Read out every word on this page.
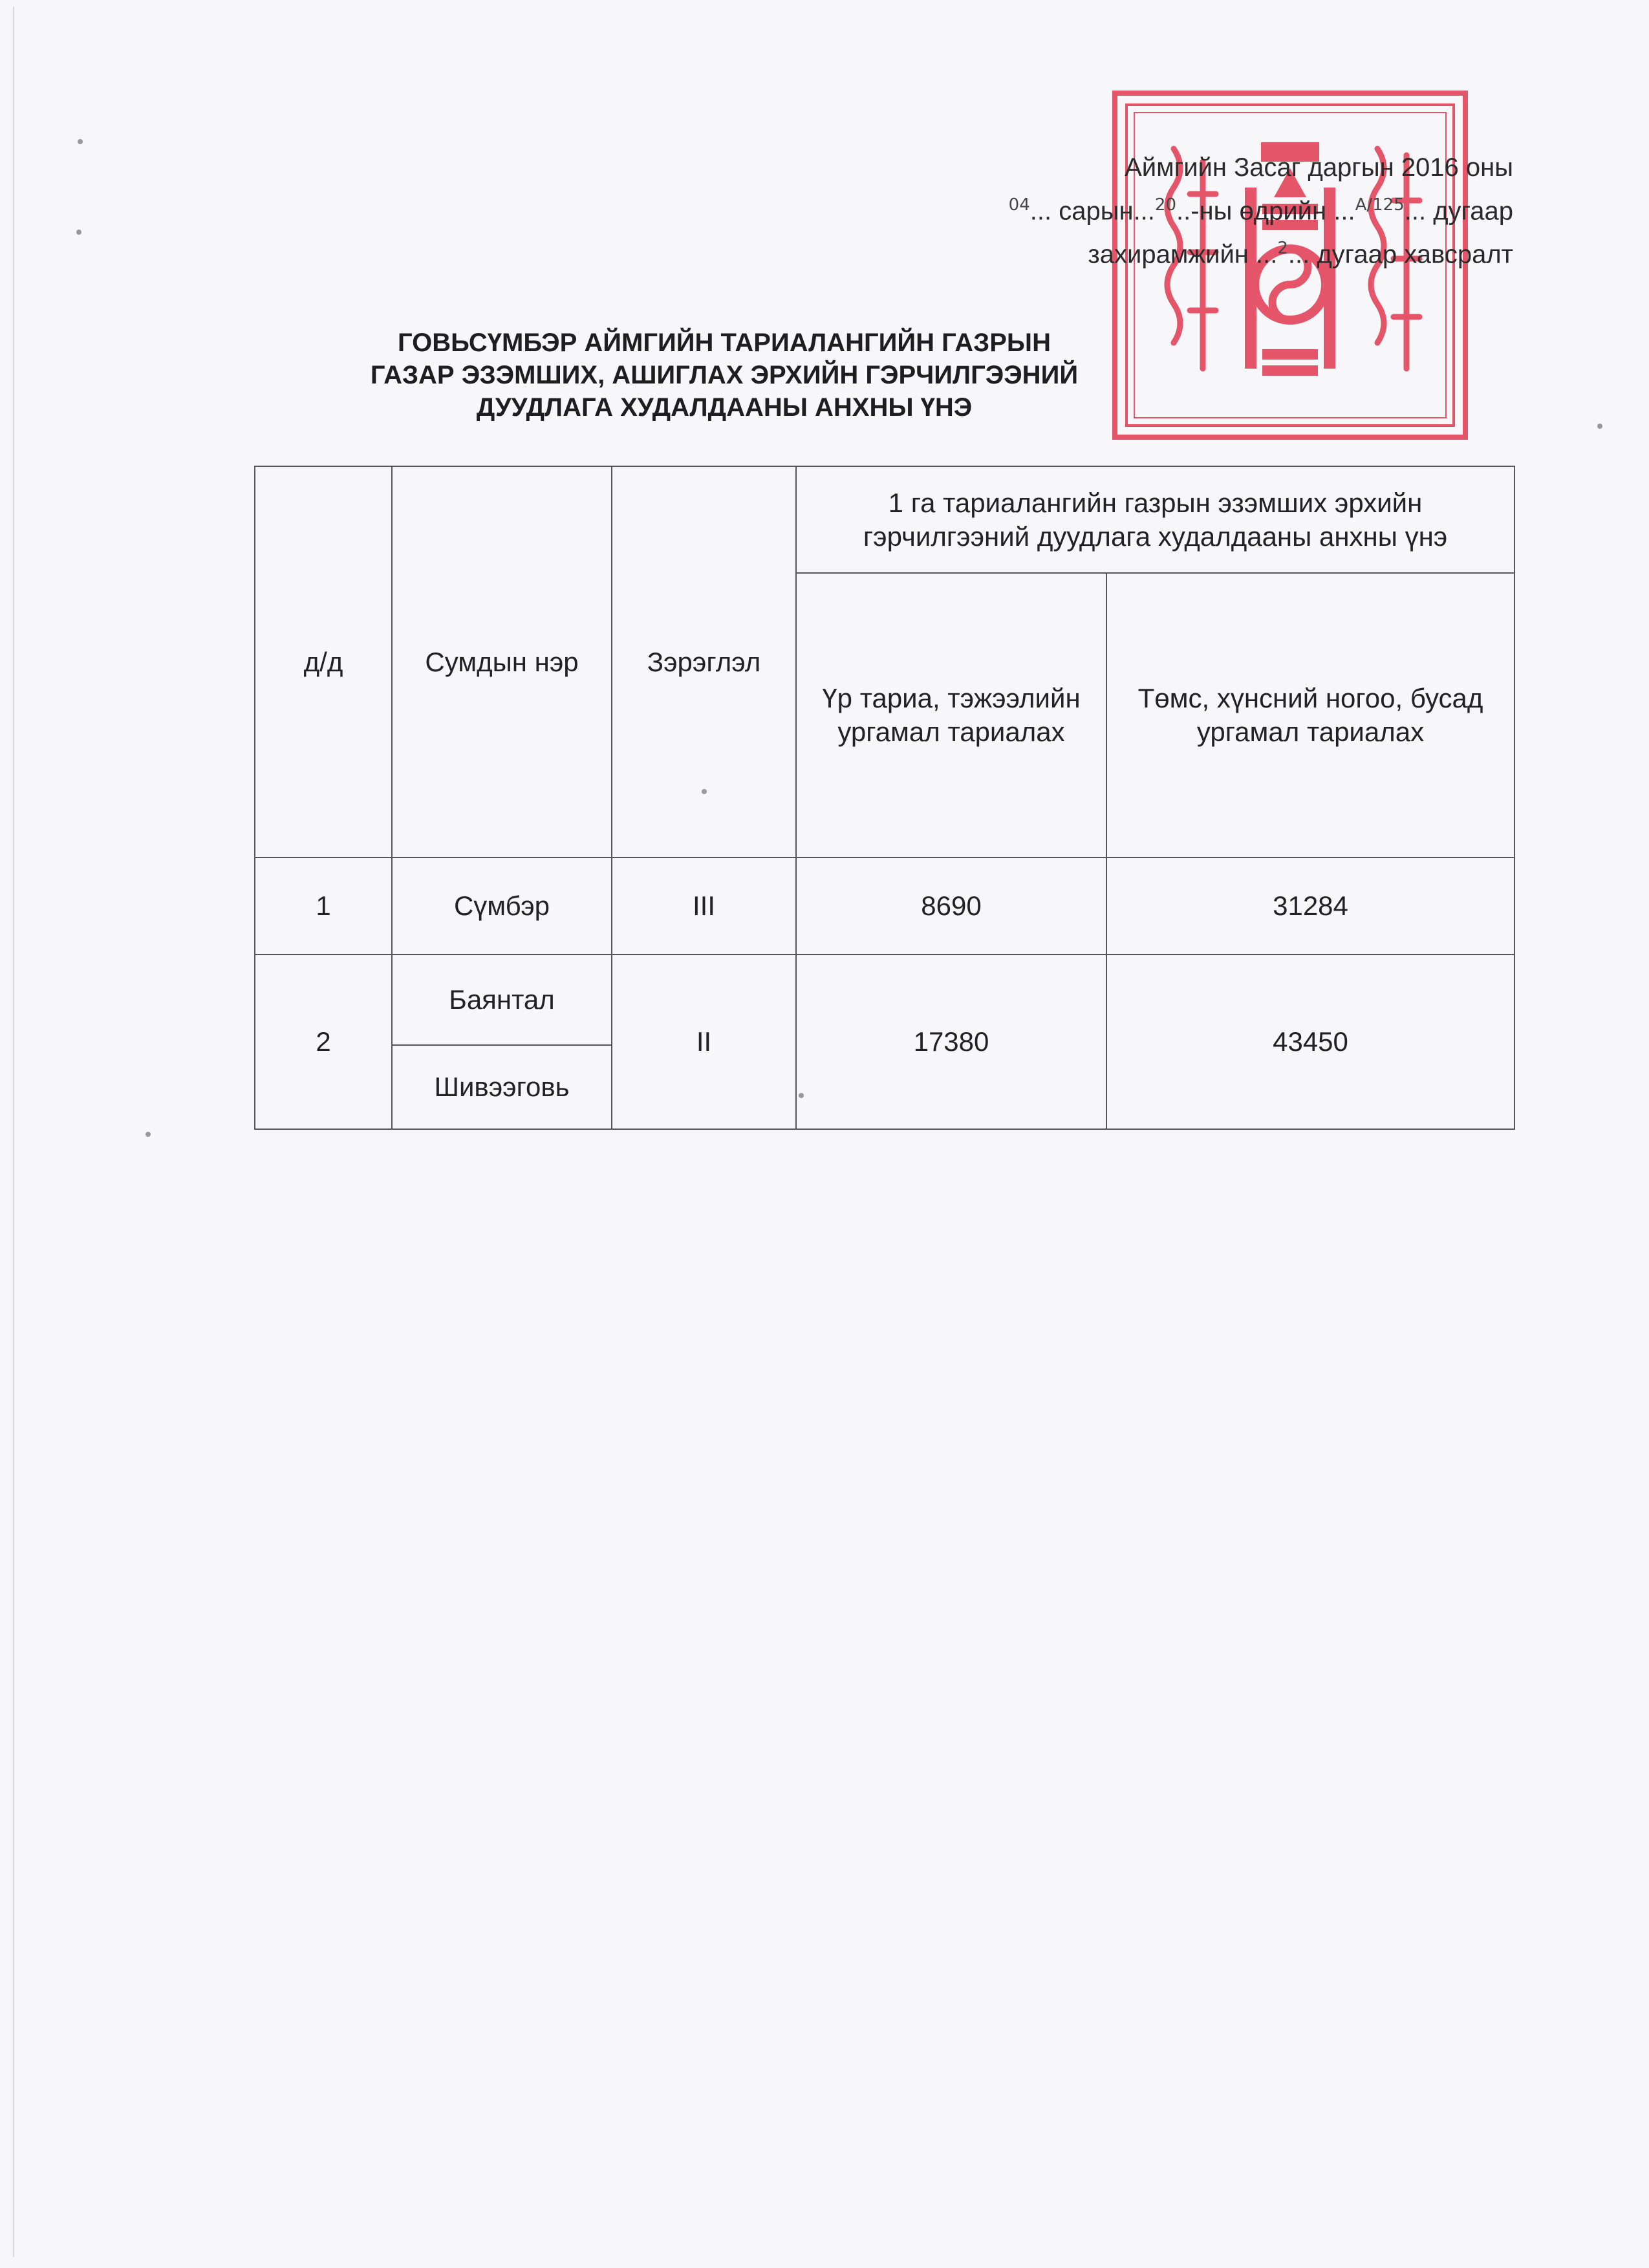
Аймгийн Засаг даргын 2016 оны
$^{04}$... сарын...$^{20}$..-ны өдрийн ...$^{А/125}$... дугаар
захирамжийн ...$^2$... дугаар хавсралт
ГОВЬСҮМБЭР АЙМГИЙН ТАРИАЛАНГИЙН ГАЗРЫН
ГАЗАР ЭЗЭМШИХ, АШИГЛАХ ЭРХИЙН ГЭРЧИЛГЭЭНИЙ
ДУУДЛАГА ХУДАЛДААНЫ АНХНЫ ҮНЭ
д/д	Сумдын нэр	Зэрэглэл	1 га тариалангийн газрын эзэмших эрхийн гэрчилгээний дуудлага худалдааны анхны үнэ	
			Үр тариа, тэжээлийн ургамал тариалах	Төмс, хүнсний ногоо, бусад ургамал тариалах
1	Сүмбэр	III	8690	31284
2	Баянтал	II	17380	43450
	Шивээговь			
